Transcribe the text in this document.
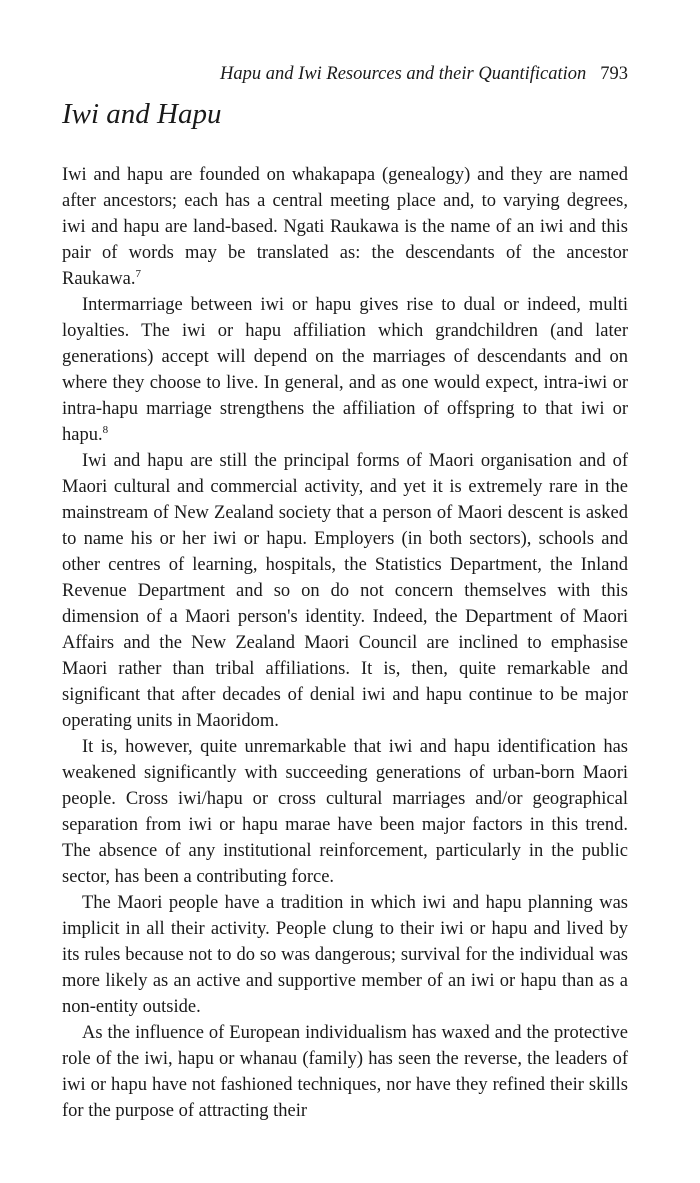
Hapu and Iwi Resources and their Quantification 793
Iwi and Hapu

Iwi and hapu are founded on whakapapa (genealogy) and they are named after ancestors; each has a central meeting place and, to varying degrees, iwi and hapu are land-based. Ngati Raukawa is the name of an iwi and this pair of words may be translated as: the descendants of the ancestor Raukawa.$^7$

Intermarriage between iwi or hapu gives rise to dual or indeed, multi loyalties. The iwi or hapu affiliation which grandchildren (and later generations) accept will depend on the marriages of descendants and on where they choose to live. In general, and as one would expect, intra-iwi or intra-hapu marriage strengthens the affiliation of offspring to that iwi or hapu.$^8$

Iwi and hapu are still the principal forms of Maori organisation and of Maori cultural and commercial activity, and yet it is extremely rare in the mainstream of New Zealand society that a person of Maori descent is asked to name his or her iwi or hapu. Employers (in both sectors), schools and other centres of learning, hospitals, the Statistics Department, the Inland Revenue Department and so on do not concern themselves with this dimension of a Maori person's identity. Indeed, the Department of Maori Affairs and the New Zealand Maori Council are inclined to emphasise Maori rather than tribal affiliations. It is, then, quite remarkable and significant that after decades of denial iwi and hapu continue to be major operating units in Maoridom.

It is, however, quite unremarkable that iwi and hapu identification has weakened significantly with succeeding generations of urban-born Maori people. Cross iwi/hapu or cross cultural marriages and/or geographical separation from iwi or hapu marae have been major factors in this trend. The absence of any institutional reinforcement, particularly in the public sector, has been a contributing force.

The Maori people have a tradition in which iwi and hapu planning was implicit in all their activity. People clung to their iwi or hapu and lived by its rules because not to do so was dangerous; survival for the individual was more likely as an active and supportive member of an iwi or hapu than as a non-entity outside.

As the influence of European individualism has waxed and the protective role of the iwi, hapu or whanau (family) has seen the reverse, the leaders of iwi or hapu have not fashioned techniques, nor have they refined their skills for the purpose of attracting their
